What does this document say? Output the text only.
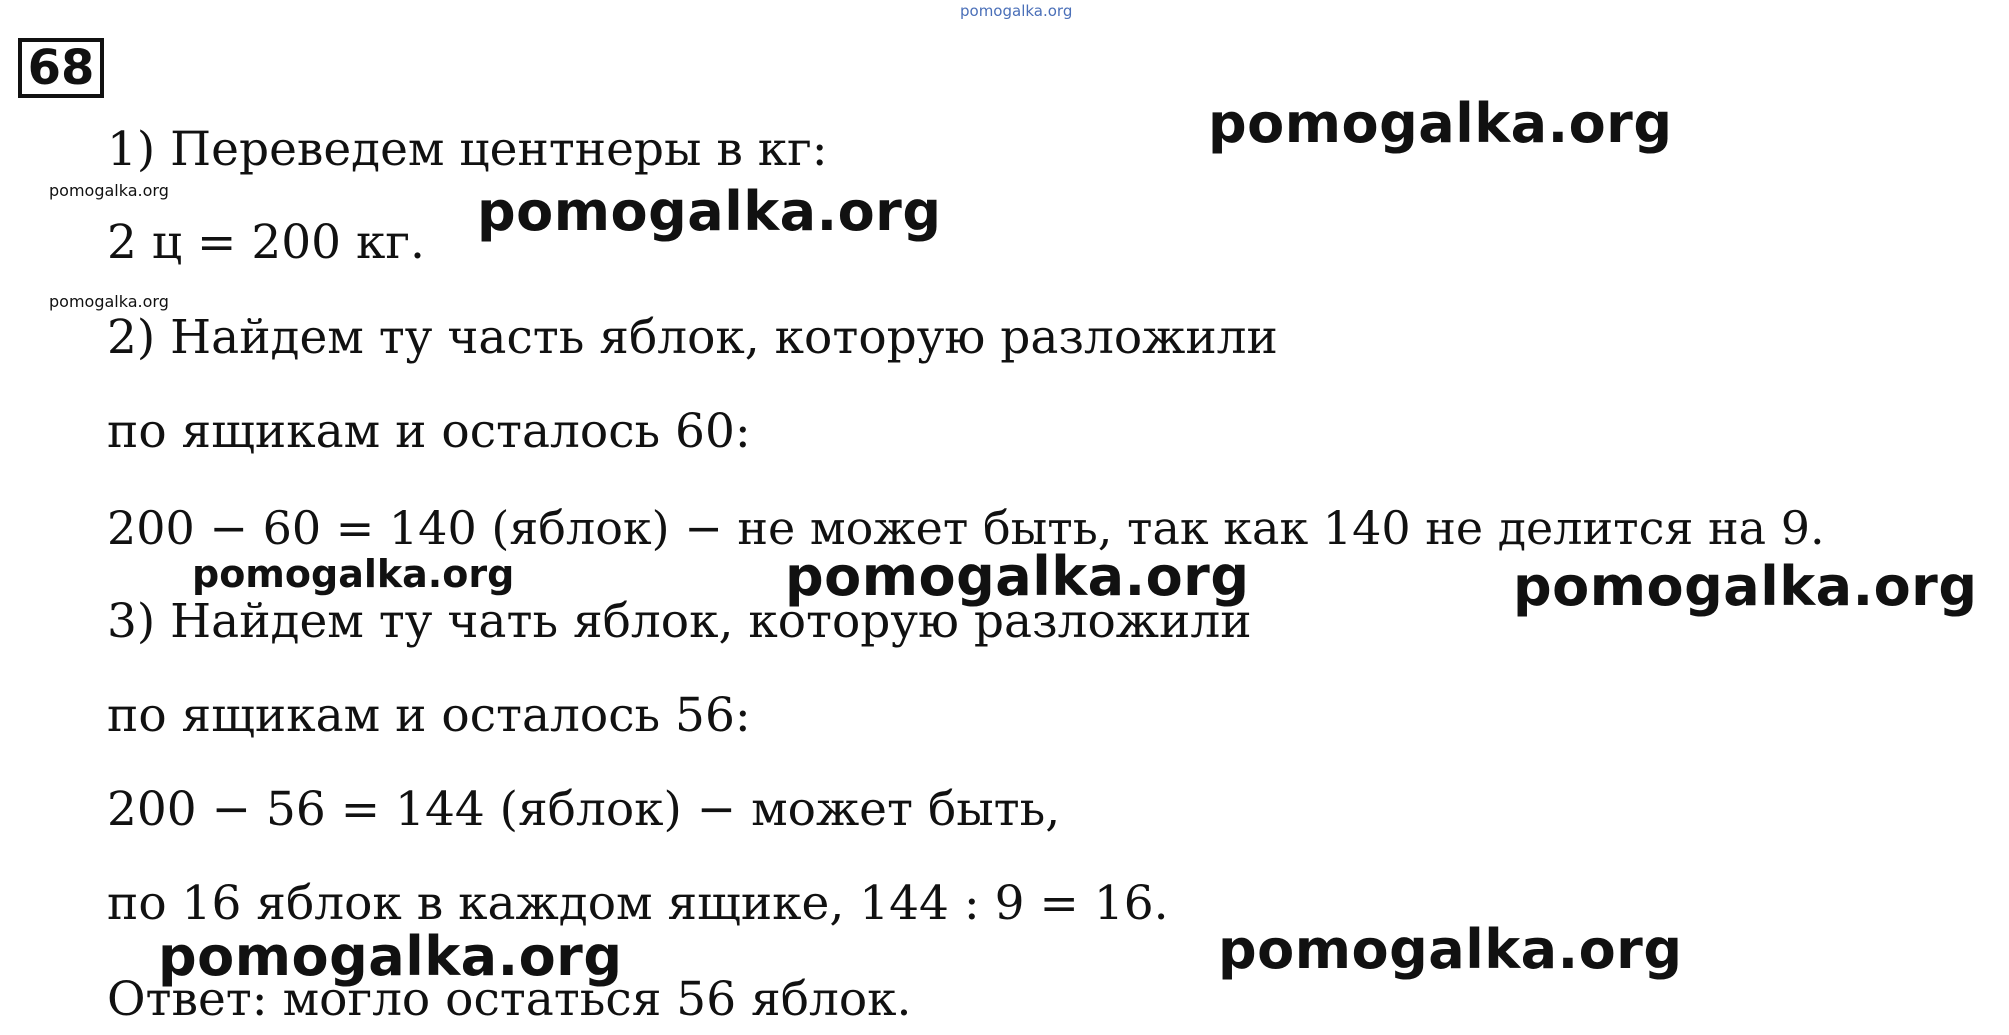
pomogalka.org
68
1) Переведем центнеры в кг:
2 ц = 200 кг.
2) Найдем ту часть яблок, которую разложили
по ящикам и осталось 60:
200 − 60 = 140 (яблок) − не может быть, так как 140 не делится на 9.
3) Найдем ту чать яблок, которую разложили
по ящикам и осталось 56:
200 − 56 = 144 (яблок) − может быть,
по 16 яблок в каждом ящике, 144 : 9 = 16.
Ответ: могло остаться 56 яблок.
pomogalka.org
pomogalka.org
pomogalka.org
pomogalka.org
pomogalka.org	pomogalka.org	pomogalka.org
pomogalka.org	pomogalka.org
